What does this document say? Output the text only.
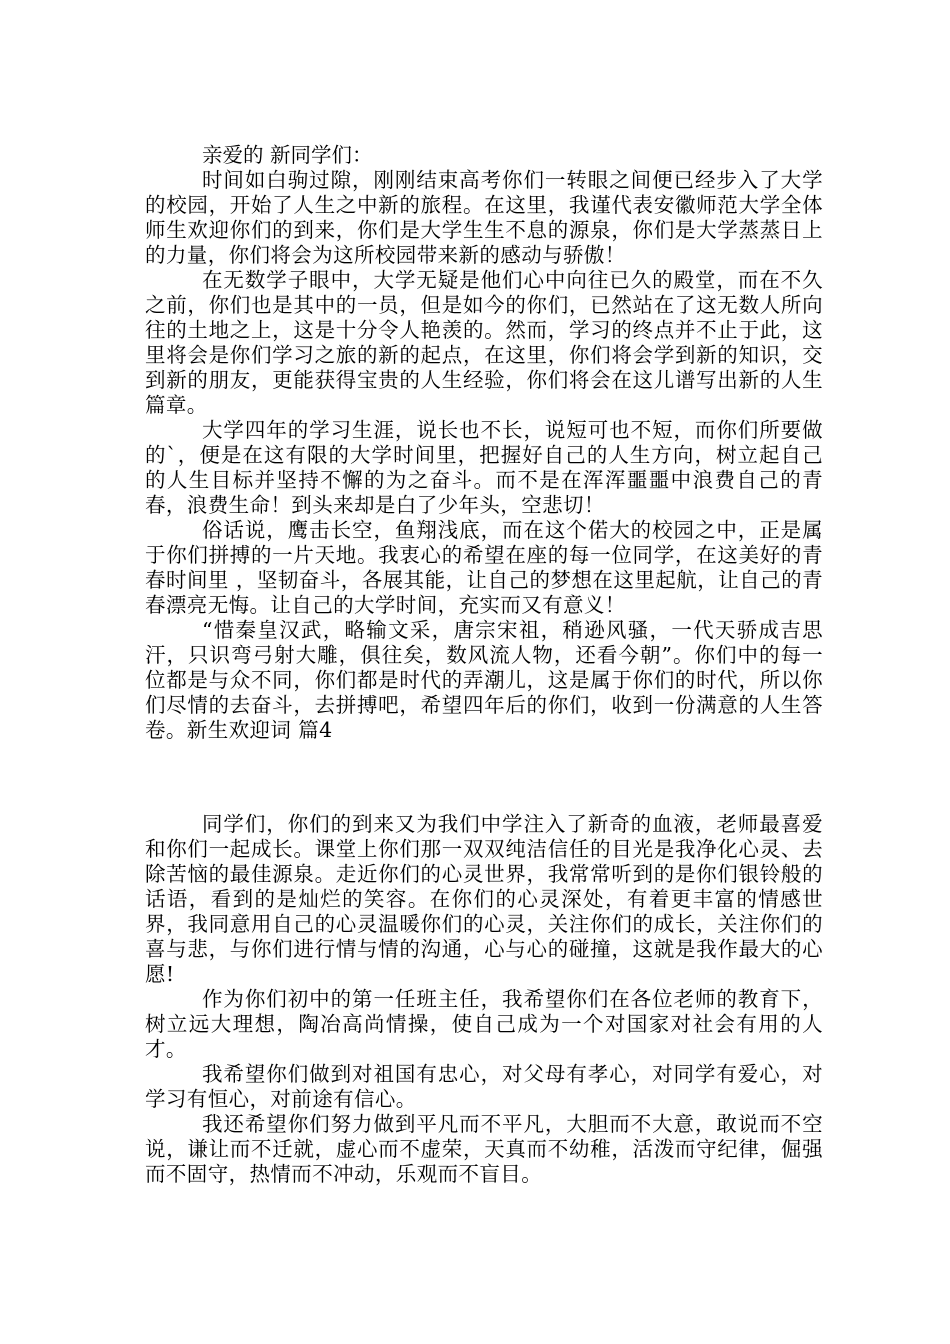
亲爱的 新同学们：

时间如白驹过隙，刚刚结束高考你们一转眼之间便已经步入了大学的校园，开始了人生之中新的旅程。在这里，我谨代表安徽师范大学全体师生欢迎你们的到来，你们是大学生生不息的源泉，你们是大学蒸蒸日上的力量，你们将会为这所校园带来新的感动与骄傲！

在无数学子眼中，大学无疑是他们心中向往已久的殿堂，而在不久之前，你们也是其中的一员，但是如今的你们，已然站在了这无数人所向往的土地之上，这是十分令人艳羡的。然而，学习的终点并不止于此，这里将会是你们学习之旅的新的起点，在这里，你们将会学到新的知识，交到新的朋友，更能获得宝贵的人生经验，你们将会在这儿谱写出新的人生篇章。

大学四年的学习生涯，说长也不长，说短可也不短，而你们所要做的`，便是在这有限的大学时间里，把握好自己的人生方向，树立起自己的人生目标并坚持不懈的为之奋斗。而不是在浑浑噩噩中浪费自己的青春，浪费生命！到头来却是白了少年头，空悲切！

俗话说，鹰击长空，鱼翔浅底，而在这个偌大的校园之中，正是属于你们拼搏的一片天地。我衷心的希望在座的每一位同学，在这美好的青春时间里 ，坚韧奋斗，各展其能，让自己的梦想在这里起航，让自己的青春漂亮无悔。让自己的大学时间，充实而又有意义！

“惜秦皇汉武，略输文采，唐宗宋祖，稍逊风骚，一代天骄成吉思汗，只识弯弓射大雕，俱往矣，数风流人物，还看今朝”。你们中的每一位都是与众不同，你们都是时代的弄潮儿，这是属于你们的时代，所以你们尽情的去奋斗，去拼搏吧，希望四年后的你们，收到一份满意的人生答卷。新生欢迎词 篇4

同学们，你们的到来又为我们中学注入了新奇的血液，老师最喜爱和你们一起成长。课堂上你们那一双双纯洁信任的目光是我净化心灵、去除苦恼的最佳源泉。走近你们的心灵世界，我常常听到的是你们银铃般的话语，看到的是灿烂的笑容。在你们的心灵深处，有着更丰富的情感世界，我同意用自己的心灵温暖你们的心灵，关注你们的成长，关注你们的喜与悲，与你们进行情与情的沟通，心与心的碰撞，这就是我作最大的心愿!

作为你们初中的第一任班主任，我希望你们在各位老师的教育下，树立远大理想，陶冶高尚情操，使自己成为一个对国家对社会有用的人才。

我希望你们做到对祖国有忠心，对父母有孝心，对同学有爱心，对学习有恒心，对前途有信心。

我还希望你们努力做到平凡而不平凡，大胆而不大意，敢说而不空说，谦让而不迁就，虚心而不虚荣，天真而不幼稚，活泼而守纪律，倔强而不固守，热情而不冲动，乐观而不盲目。
